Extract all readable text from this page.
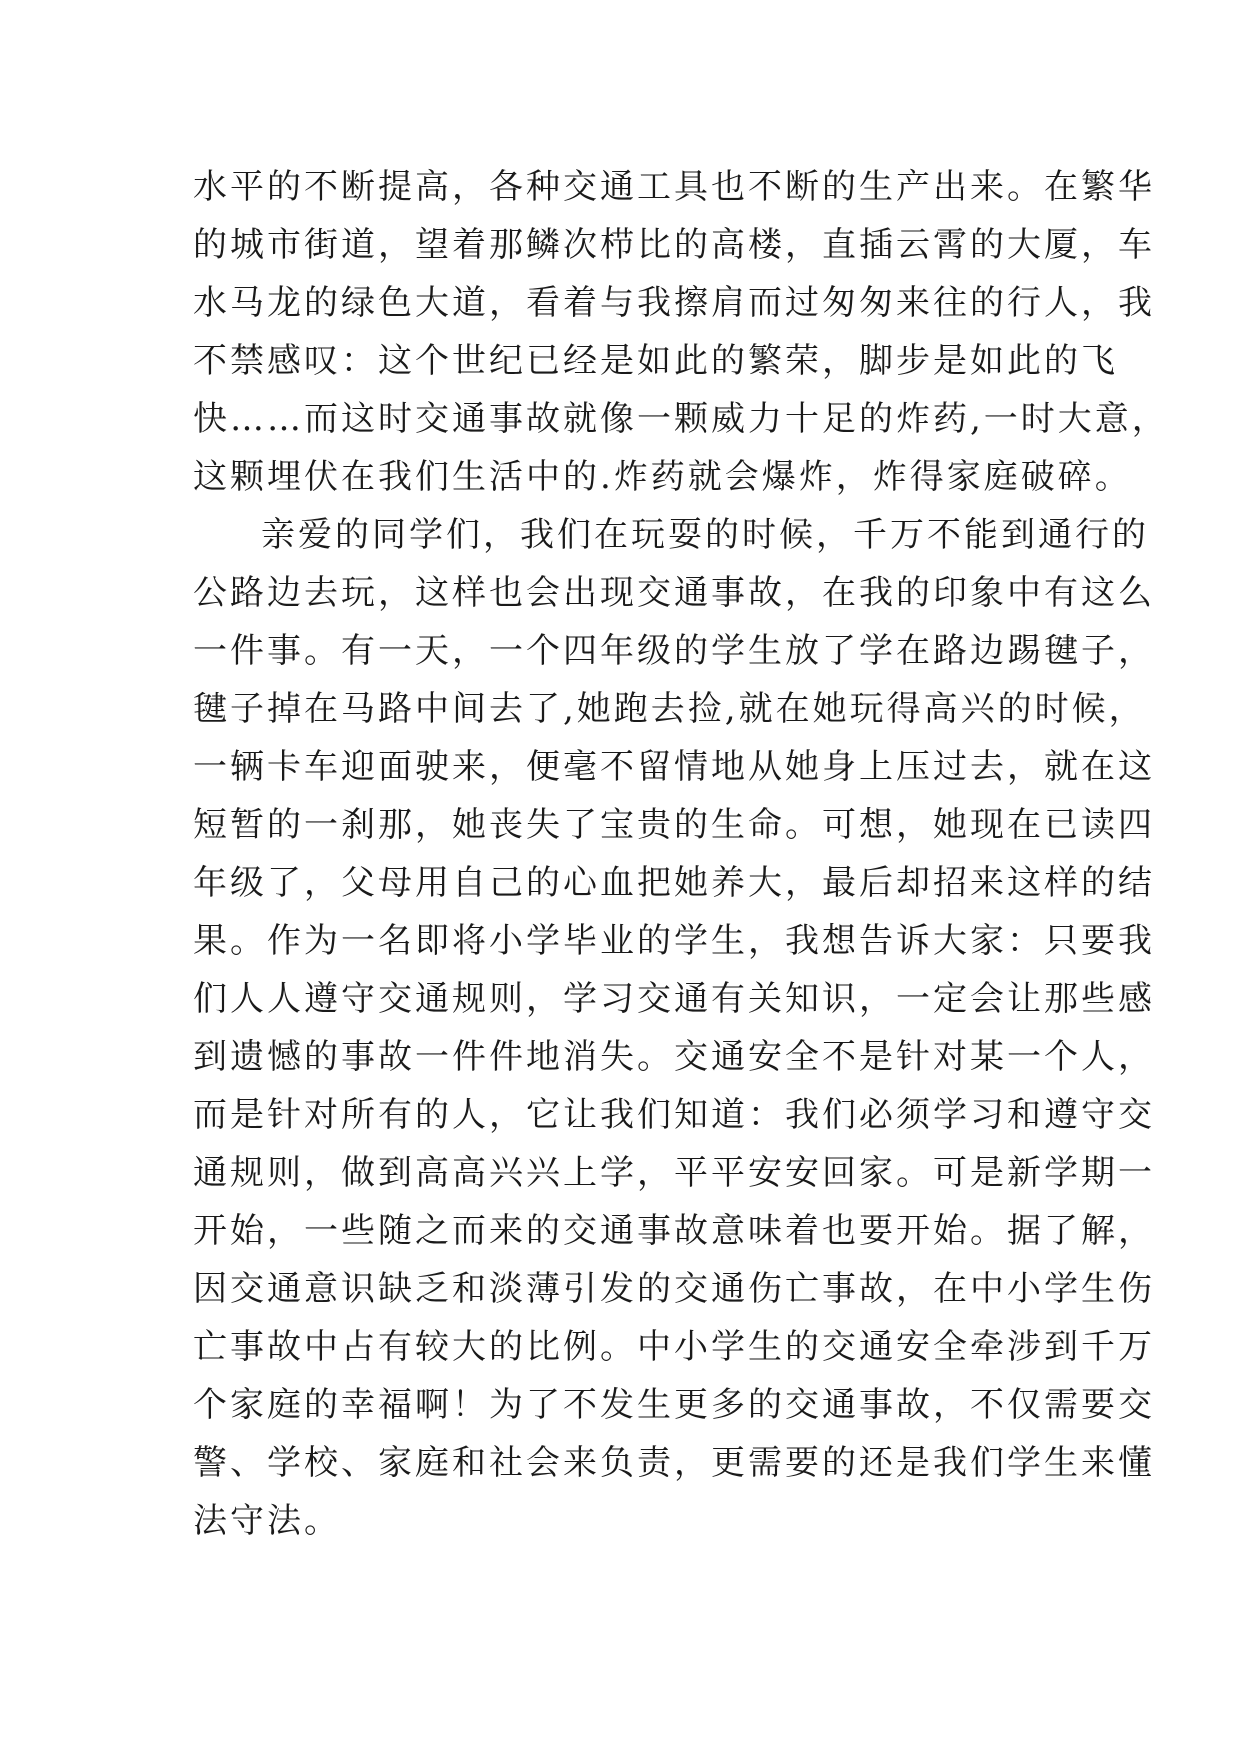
水平的不断提高，各种交通工具也不断的生产出来。在繁华
的城市街道，望着那鳞次栉比的高楼，直插云霄的大厦，车
水马龙的绿色大道，看着与我擦肩而过匆匆来往的行人，我
不禁感叹：这个世纪已经是如此的繁荣，脚步是如此的飞
快……而这时交通事故就像一颗威力十足的炸药,一时大意，
这颗埋伏在我们生活中的.炸药就会爆炸，炸得家庭破碎。
亲爱的同学们，我们在玩耍的时候，千万不能到通行的
公路边去玩，这样也会出现交通事故，在我的印象中有这么
一件事。有一天，一个四年级的学生放了学在路边踢毽子，
毽子掉在马路中间去了,她跑去捡,就在她玩得高兴的时候，
一辆卡车迎面驶来，便毫不留情地从她身上压过去，就在这
短暂的一刹那，她丧失了宝贵的生命。可想，她现在已读四
年级了，父母用自己的心血把她养大，最后却招来这样的结
果。作为一名即将小学毕业的学生，我想告诉大家：只要我
们人人遵守交通规则，学习交通有关知识，一定会让那些感
到遗憾的事故一件件地消失。交通安全不是针对某一个人，
而是针对所有的人，它让我们知道：我们必须学习和遵守交
通规则，做到高高兴兴上学，平平安安回家。可是新学期一
开始，一些随之而来的交通事故意味着也要开始。据了解，
因交通意识缺乏和淡薄引发的交通伤亡事故，在中小学生伤
亡事故中占有较大的比例。中小学生的交通安全牵涉到千万
个家庭的幸福啊！为了不发生更多的交通事故，不仅需要交
警、学校、家庭和社会来负责，更需要的还是我们学生来懂
法守法。
